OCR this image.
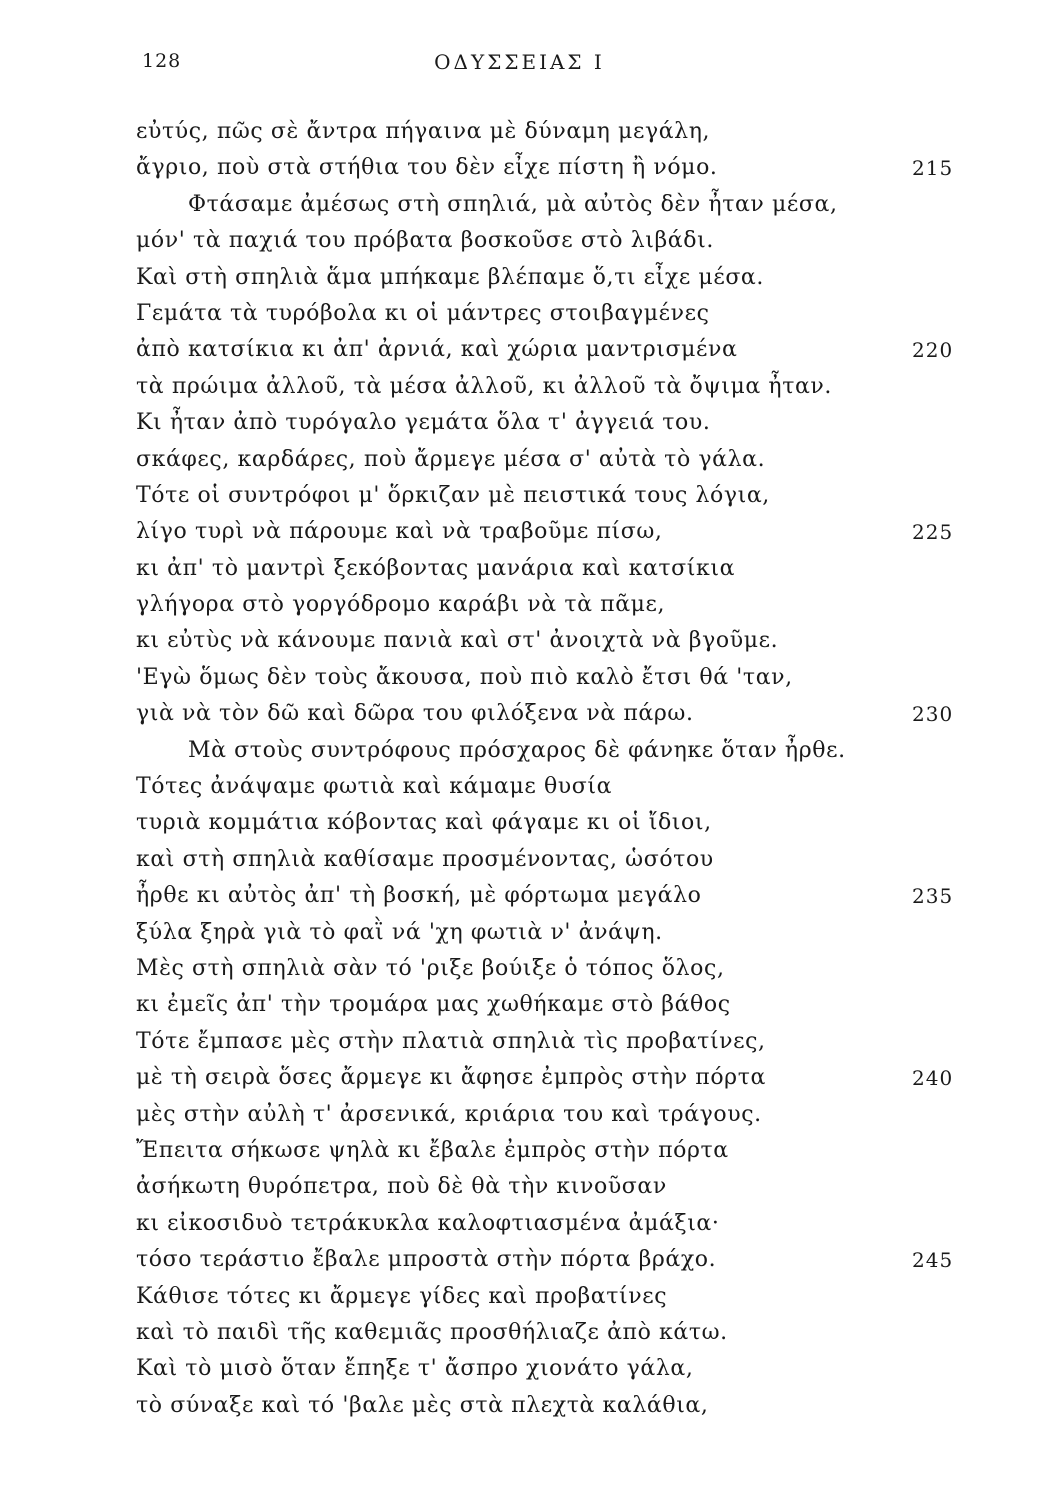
128	ΟΔΥΣΣΕΙΑΣ Ι
εὐτύς, πῶς σὲ ἄντρα πήγαινα μὲ δύναμη μεγάλη,
ἄγριο, ποὺ στὰ στήθια του δὲν εἶχε πίστη ἢ νόμο.	215
Φτάσαμε ἀμέσως στὴ σπηλιά, μὰ αὐτὸς δὲν ἦταν μέσα,
μόν' τὰ παχιά του πρόβατα βοσκοῦσε στὸ λιβάδι.
Καὶ στὴ σπηλιὰ ἅμα μπήκαμε βλέπαμε ὅ,τι εἶχε μέσα.
Γεμάτα τὰ τυρόβολα κι οἱ μάντρες στοιβαγμένες
ἀπὸ κατσίκια κι ἀπ' ἀρνιά, καὶ χώρια μαντρισμένα	220
τὰ πρώιμα ἀλλοῦ, τὰ μέσα ἀλλοῦ, κι ἀλλοῦ τὰ ὄψιμα ἦταν.
Κι ἦταν ἀπὸ τυρόγαλο γεμάτα ὅλα τ' ἀγγειά του.
σκάφες, καρδάρες, ποὺ ἄρμεγε μέσα σ' αὐτὰ τὸ γάλα.
Τότε οἱ συντρόφοι μ' ὅρκιζαν μὲ πειστικά τους λόγια,
λίγο τυρὶ νὰ πάρουμε καὶ νὰ τραβοῦμε πίσω,	225
κι ἀπ' τὸ μαντρὶ ξεκόβοντας μανάρια καὶ κατσίκια
γλήγορα στὸ γοργόδρομο καράβι νὰ τὰ πᾶμε,
κι εὐτὺς νὰ κάνουμε πανιὰ καὶ στ' ἀνοιχτὰ νὰ βγοῦμε.
'Εγὼ ὅμως δὲν τοὺς ἄκουσα, ποὺ πιὸ καλὸ ἔτσι θά 'ταν,
γιὰ νὰ τὸν δῶ καὶ δῶρα του φιλόξενα νὰ πάρω.	230
Μὰ στοὺς συντρόφους πρόσχαρος δὲ φάνηκε ὅταν ἦρθε.
Τότες ἀνάψαμε φωτιὰ καὶ κάμαμε θυσία
τυριὰ κομμάτια κόβοντας καὶ φάγαμε κι οἱ ἴδιοι,
καὶ στὴ σπηλιὰ καθίσαμε προσμένοντας, ὡσότου
ἦρθε κι αὐτὸς ἀπ' τὴ βοσκή, μὲ φόρτωμα μεγάλο	235
ξύλα ξηρὰ γιὰ τὸ φαῒ νά 'χη φωτιὰ ν' ἀνάψη.
Μὲς στὴ σπηλιὰ σὰν τό 'ριξε βούιξε ὁ τόπος ὅλος,
κι ἐμεῖς ἀπ' τὴν τρομάρα μας χωθήκαμε στὸ βάθος
Τότε ἔμπασε μὲς στὴν πλατιὰ σπηλιὰ τὶς προβατίνες,
μὲ τὴ σειρὰ ὅσες ἄρμεγε κι ἄφησε ἐμπρὸς στὴν πόρτα	240
μὲς στὴν αὐλὴ τ' ἀρσενικά, κριάρια του καὶ τράγους.
Ἔπειτα σήκωσε ψηλὰ κι ἔβαλε ἐμπρὸς στὴν πόρτα
ἀσήκωτη θυρόπετρα, ποὺ δὲ θὰ τὴν κινοῦσαν
κι εἰκοσιδυὸ τετράκυκλα καλοφτιασμένα ἀμάξια·
τόσο τεράστιο ἔβαλε μπροστὰ στὴν πόρτα βράχο.	245
Κάθισε τότες κι ἄρμεγε γίδες καὶ προβατίνες
καὶ τὸ παιδὶ τῆς καθεμιᾶς προσθήλιαζε ἀπὸ κάτω.
Καὶ τὸ μισὸ ὅταν ἔπηξε τ' ἄσπρο χιονάτο γάλα,
τὸ σύναξε καὶ τό 'βαλε μὲς στὰ πλεχτὰ καλάθια,
